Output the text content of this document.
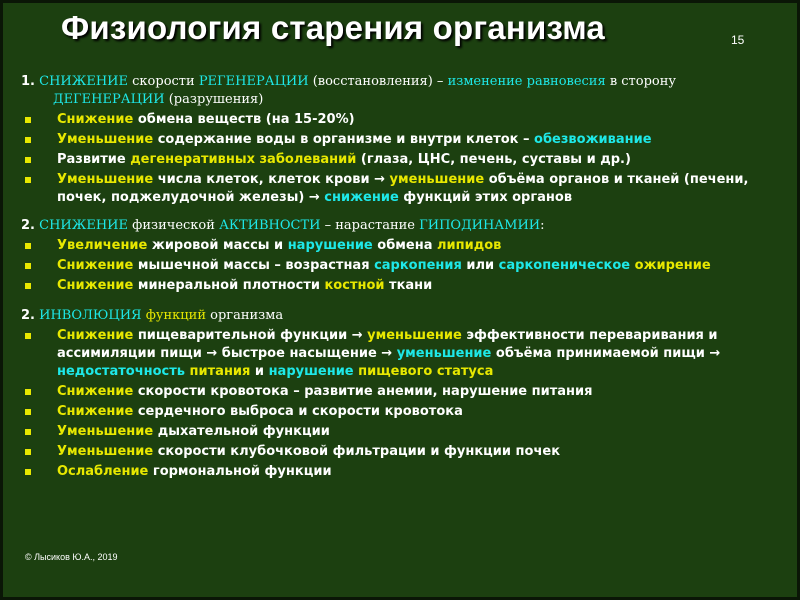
Физиология старения организма	15
1. СНИЖЕНИЕ скорости РЕГЕНЕРАЦИИ (восстановления) – изменение равновесия в сторону ДЕГЕНЕРАЦИИ (разрушения)
Снижение обмена веществ (на 15-20%)
Уменьшение содержание воды в организме и внутри клеток – обезвоживание
Развитие дегенеративных заболеваний (глаза, ЦНС, печень, суставы и др.)
Уменьшение числа клеток, клеток крови → уменьшение объёма органов и тканей (печени, почек, поджелудочной железы) → снижение функций этих органов
2. СНИЖЕНИЕ физической АКТИВНОСТИ – нарастание ГИПОДИНАМИИ:
Увеличение жировой массы и нарушение обмена липидов
Снижение мышечной массы – возрастная саркопения или саркопеническое ожирение
Снижение минеральной плотности костной ткани
2. ИНВОЛЮЦИЯ функций организма
Снижение пищеварительной функции → уменьшение эффективности переваривания и ассимиляции пищи → быстрое насыщение → уменьшение объёма принимаемой пищи → недостаточность питания и нарушение пищевого статуса
Снижение скорости кровотока – развитие анемии, нарушение питания
Снижение сердечного выброса и скорости кровотока
Уменьшение дыхательной функции
Уменьшение скорости клубочковой фильтрации и функции почек
Ослабление гормональной функции
© Лысиков Ю.А., 2019
